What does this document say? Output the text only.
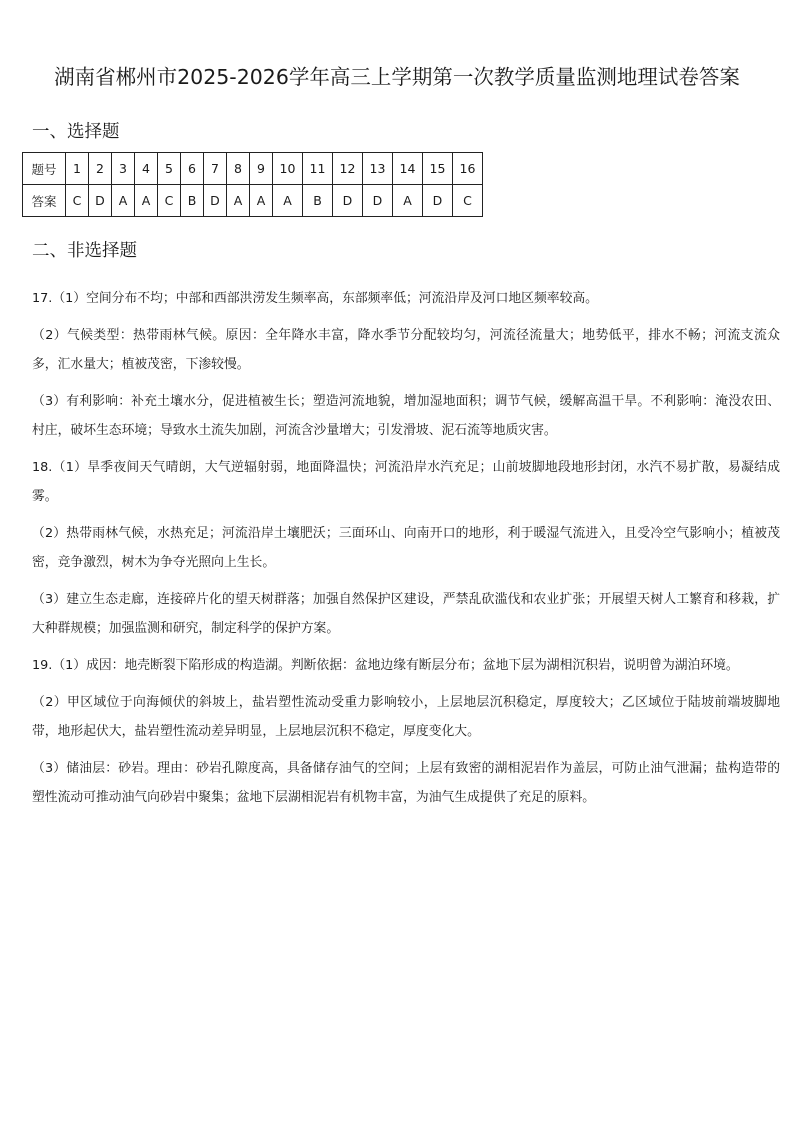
湖南省郴州市2025-2026学年高三上学期第一次教学质量监测地理试卷答案
一、选择题
题号	1	2	3	4	5	6	7	8	9	10	11	12	13	14	15	16
答案	C	D	A	A	C	B	D	A	A	A	B	D	D	A	D	C
二、非选择题

17.（1）空间分布不均；中部和西部洪涝发生频率高，东部频率低；河流沿岸及河口地区频率较高。

（2）气候类型：热带雨林气候。原因：全年降水丰富，降水季节分配较均匀，河流径流量大；地势低平，排水不畅；河流支流众多，汇水量大；植被茂密，下渗较慢。

（3）有利影响：补充土壤水分，促进植被生长；塑造河流地貌，增加湿地面积；调节气候，缓解高温干旱。不利影响：淹没农田、村庄，破坏生态环境；导致水土流失加剧，河流含沙量增大；引发滑坡、泥石流等地质灾害。

18.（1）旱季夜间天气晴朗，大气逆辐射弱，地面降温快；河流沿岸水汽充足；山前坡脚地段地形封闭，水汽不易扩散，易凝结成雾。

（2）热带雨林气候，水热充足；河流沿岸土壤肥沃；三面环山、向南开口的地形，利于暖湿气流进入，且受冷空气影响小；植被茂密，竞争激烈，树木为争夺光照向上生长。

（3）建立生态走廊，连接碎片化的望天树群落；加强自然保护区建设，严禁乱砍滥伐和农业扩张；开展望天树人工繁育和移栽，扩大种群规模；加强监测和研究，制定科学的保护方案。

19.（1）成因：地壳断裂下陷形成的构造湖。判断依据：盆地边缘有断层分布；盆地下层为湖相沉积岩，说明曾为湖泊环境。

（2）甲区域位于向海倾伏的斜坡上，盐岩塑性流动受重力影响较小，上层地层沉积稳定，厚度较大；乙区域位于陆坡前端坡脚地带，地形起伏大，盐岩塑性流动差异明显，上层地层沉积不稳定，厚度变化大。

（3）储油层：砂岩。理由：砂岩孔隙度高，具备储存油气的空间；上层有致密的湖相泥岩作为盖层，可防止油气泄漏；盐构造带的塑性流动可推动油气向砂岩中聚集；盆地下层湖相泥岩有机物丰富，为油气生成提供了充足的原料。
